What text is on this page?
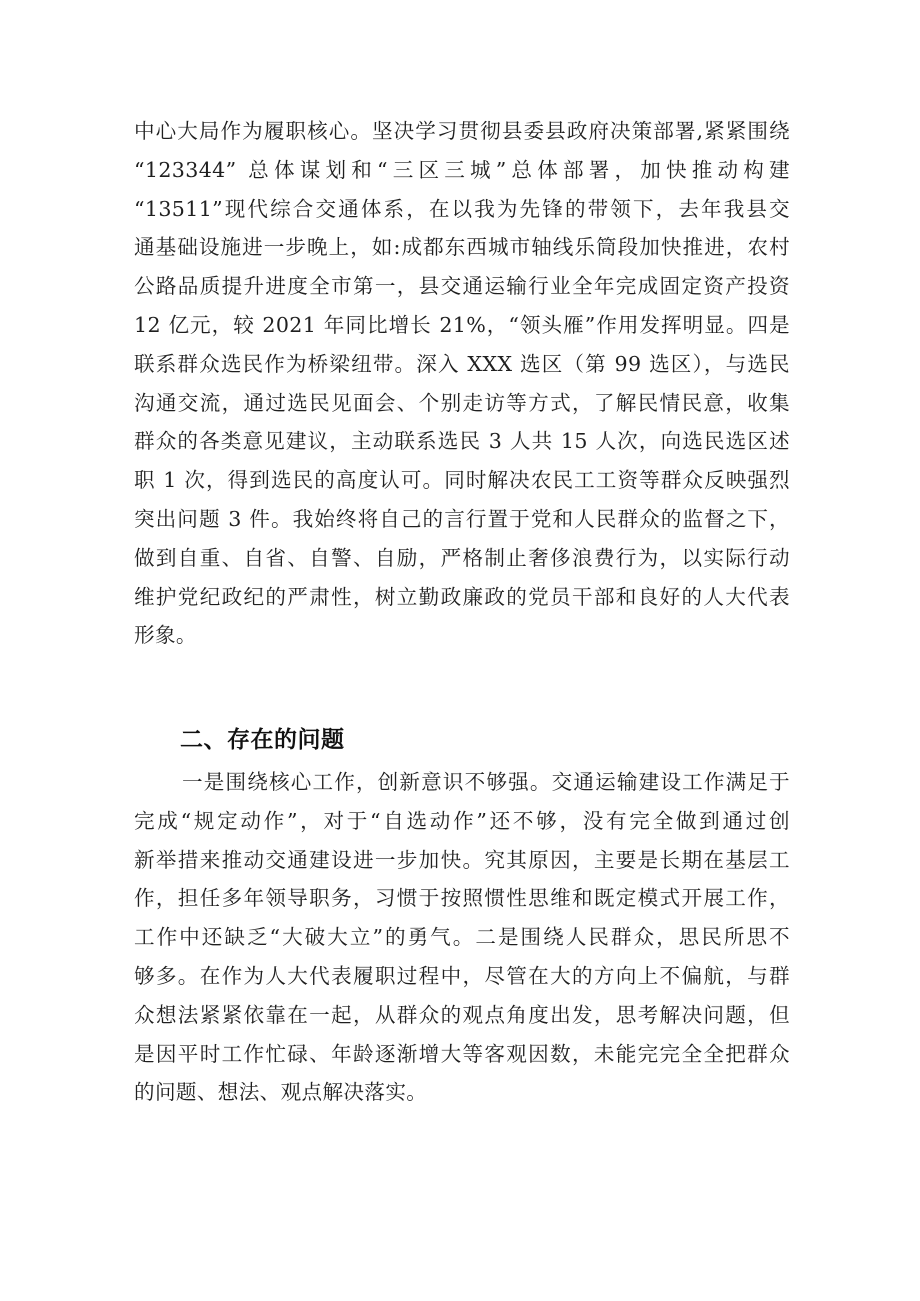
中心大局作为履职核心。坚决学习贯彻县委县政府决策部署,紧紧围绕
“123344” 总体谋划和“三区三城”总体部署，加快推动构建
“13511”现代综合交通体系，在以我为先锋的带领下，去年我县交
通基础设施进一步晚上，如:成都东西城市轴线乐筒段加快推进，农村
公路品质提升进度全市第一，县交通运输行业全年完成固定资产投资
12 亿元，较 2021 年同比增长 21%，“领头雁”作用发挥明显。四是
联系群众选民作为桥梁纽带。深入 XXX 选区（第 99 选区），与选民
沟通交流，通过选民见面会、个别走访等方式，了解民情民意，收集
群众的各类意见建议，主动联系选民 3 人共 15 人次，向选民选区述
职 1 次，得到选民的高度认可。同时解决农民工工资等群众反映强烈
突出问题 3 件。我始终将自己的言行置于党和人民群众的监督之下，
做到自重、自省、自警、自励，严格制止奢侈浪费行为，以实际行动
维护党纪政纪的严肃性，树立勤政廉政的党员干部和良好的人大代表
形象。
二、存在的问题
一是围绕核心工作，创新意识不够强。交通运输建设工作满足于
完成“规定动作”，对于“自选动作”还不够，没有完全做到通过创
新举措来推动交通建设进一步加快。究其原因，主要是长期在基层工
作，担任多年领导职务，习惯于按照惯性思维和既定模式开展工作，
工作中还缺乏“大破大立”的勇气。二是围绕人民群众，思民所思不
够多。在作为人大代表履职过程中，尽管在大的方向上不偏航，与群
众想法紧紧依靠在一起，从群众的观点角度出发，思考解决问题，但
是因平时工作忙碌、年龄逐渐增大等客观因数，未能完完全全把群众
的问题、想法、观点解决落实。
